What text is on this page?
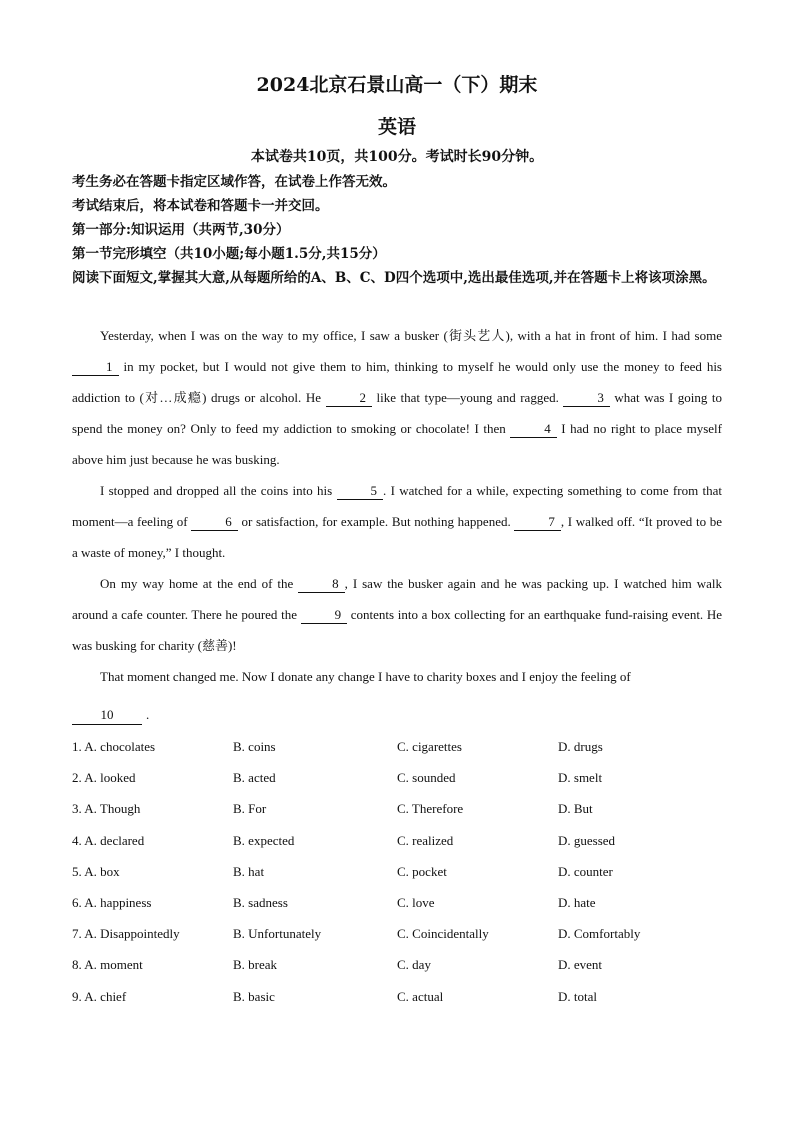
2024北京石景山高一（下）期末
英语
本试卷共10页，共100分。考试时长90分钟。
考生务必在答题卡指定区域作答，在试卷上作答无效。
考试结束后，将本试卷和答题卡一并交回。
第一部分:知识运用（共两节,30分）
第一节完形填空（共10小题;每小题1.5分,共15分）
阅读下面短文,掌握其大意,从每题所给的A、B、C、D四个选项中,选出最佳选项,并在答题卡上将该项涂黑。

Yesterday, when I was on the way to my office, I saw a busker (街头艺人), with a hat in front of him. I had some 1 in my pocket, but I would not give them to him, thinking to myself he would only use the money to feed his addiction to (对…成瘾) drugs or alcohol. He	2 like that type—young and ragged.	3 what was I going to spend the money on? Only to feed my addiction to smoking or chocolate! I then	4 I had no right to place myself above him just because he was busking.

I stopped and dropped all the coins into his	5 . I watched for a while, expecting something to come from that moment—a feeling of	6 or satisfaction, for example. But nothing happened.	7 , I walked off. “It proved to be a waste of money,” I thought.

On my way home at the end of the	8 , I saw the busker again and he was packing up. I watched him walk around a cafe counter. There he poured the	9 contents into a box collecting for an earthquake fund-raising event. He was busking for charity (慈善)!

That moment changed me. Now I donate any change I have to charity boxes and I enjoy the feeling of

10	.
1. A. chocolates	B. coins	C. cigarettes	D. drugs
2. A. looked	B. acted	C. sounded	D. smelt
3. A. Though	B. For	C. Therefore	D. But
4. A. declared	B. expected	C. realized	D. guessed
5. A. box	B. hat	C. pocket	D. counter
6. A. happiness	B. sadness	C. love	D. hate
7. A. Disappointedly	B. Unfortunately	C. Coincidentally	D. Comfortably
8. A. moment	B. break	C. day	D. event
9. A. chief	B. basic	C. actual	D. total
